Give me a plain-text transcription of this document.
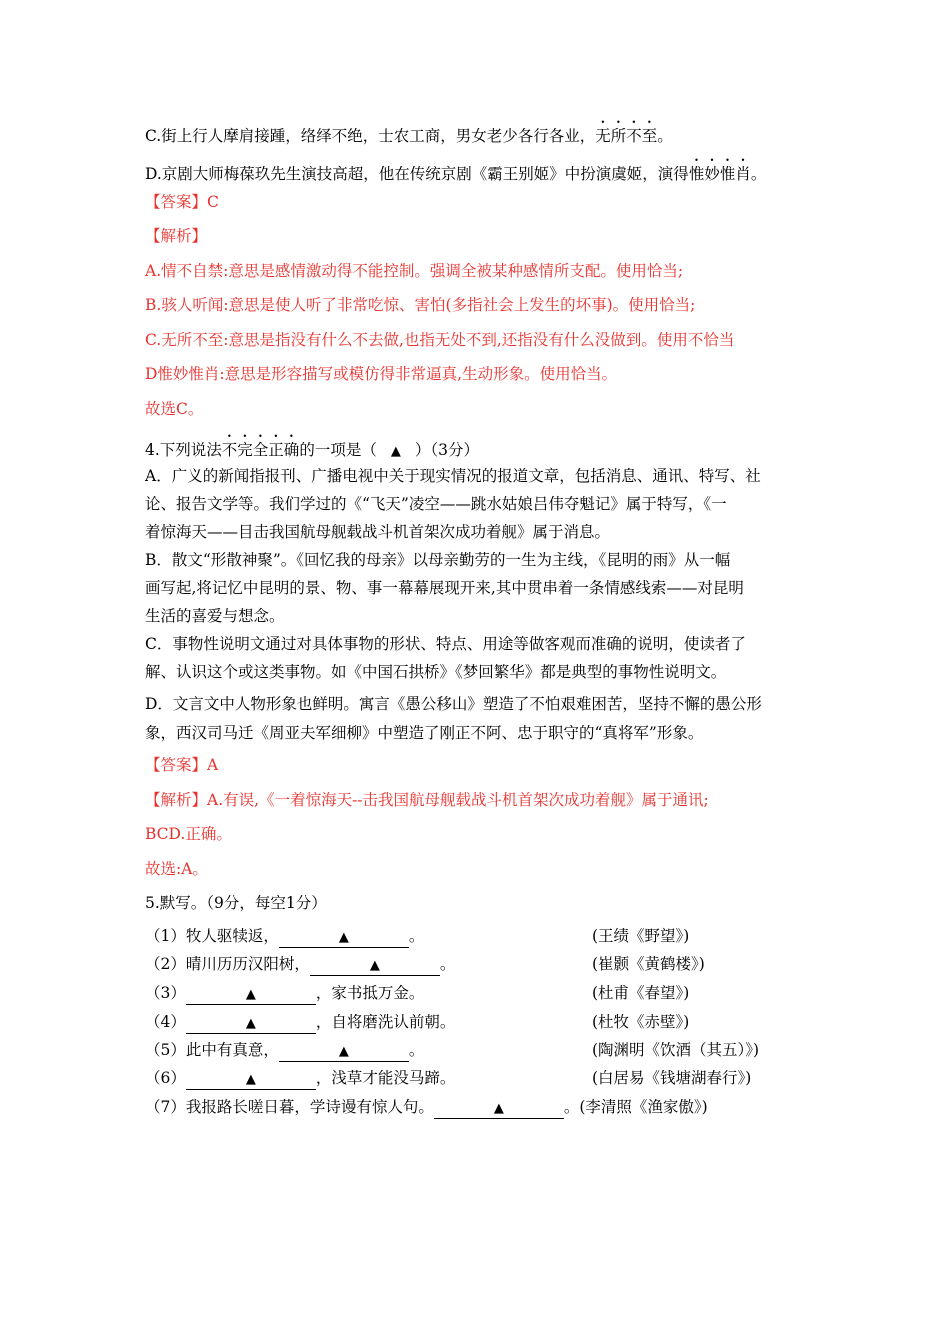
C.街上行人摩肩接踵，络绎不绝，士农工商，男女老少各行各业，无所不至。
D.京剧大师梅葆玖先生演技高超，他在传统京剧《霸王别姬》中扮演虞姬，演得惟妙惟肖。
【答案】C
【解析】
A.情不自禁:意思是感情激动得不能控制。强调全被某种感情所支配。使用恰当;
B.骇人听闻:意思是使人听了非常吃惊、害怕(多指社会上发生的坏事)。使用恰当;
C.无所不至:意思是指没有什么不去做,也指无处不到,还指没有什么没做到。使用不恰当
D惟妙惟肖:意思是形容描写或模仿得非常逼真,生动形象。使用恰当。
故选C。
4.下列说法不完全正确的一项是（ ▲ ）（3分）
A．广义的新闻指报刊、广播电视中关于现实情况的报道文章，包括消息、通讯、特写、社
论、报告文学等。我们学过的《“飞天”凌空——跳水姑娘吕伟夺魁记》属于特写，《一
着惊海天——目击我国航母舰载战斗机首架次成功着舰》属于消息。
B．散文“形散神聚”。《回忆我的母亲》以母亲勤劳的一生为主线，《昆明的雨》从一幅
画写起,将记忆中昆明的景、物、事一幕幕展现开来,其中贯串着一条情感线索——对昆明
生活的喜爱与想念。
C．事物性说明文通过对具体事物的形状、特点、用途等做客观而准确的说明，使读者了
解、认识这个或这类事物。如《中国石拱桥》《梦回繁华》都是典型的事物性说明文。
D．文言文中人物形象也鲜明。寓言《愚公移山》塑造了不怕艰难困苦，坚持不懈的愚公形
象，西汉司马迁《周亚夫军细柳》中塑造了刚正不阿、忠于职守的“真将军”形象。
【答案】A
【解析】A.有误,《一着惊海天--击我国航母舰载战斗机首架次成功着舰》属于通讯;
BCD.正确。
故选:A。
5.默写。（9分，每空1分）
（1）牧人驱犊返，	▲	。	(王绩《野望》)
（2）晴川历历汉阳树，	▲	。	(崔颢《黄鹤楼》)
（3）	▲	，家书抵万金。	(杜甫《春望》)
（4）	▲	，自将磨洗认前朝。	(杜牧《赤壁》)
（5）此中有真意，	▲	。	(陶渊明《饮酒（其五）》)
（6）	▲	，浅草才能没马蹄。	(白居易《钱塘湖春行》)
（7）我报路长嗟日暮，学诗谩有惊人句。	▲	。(李清照《渔家傲》)
